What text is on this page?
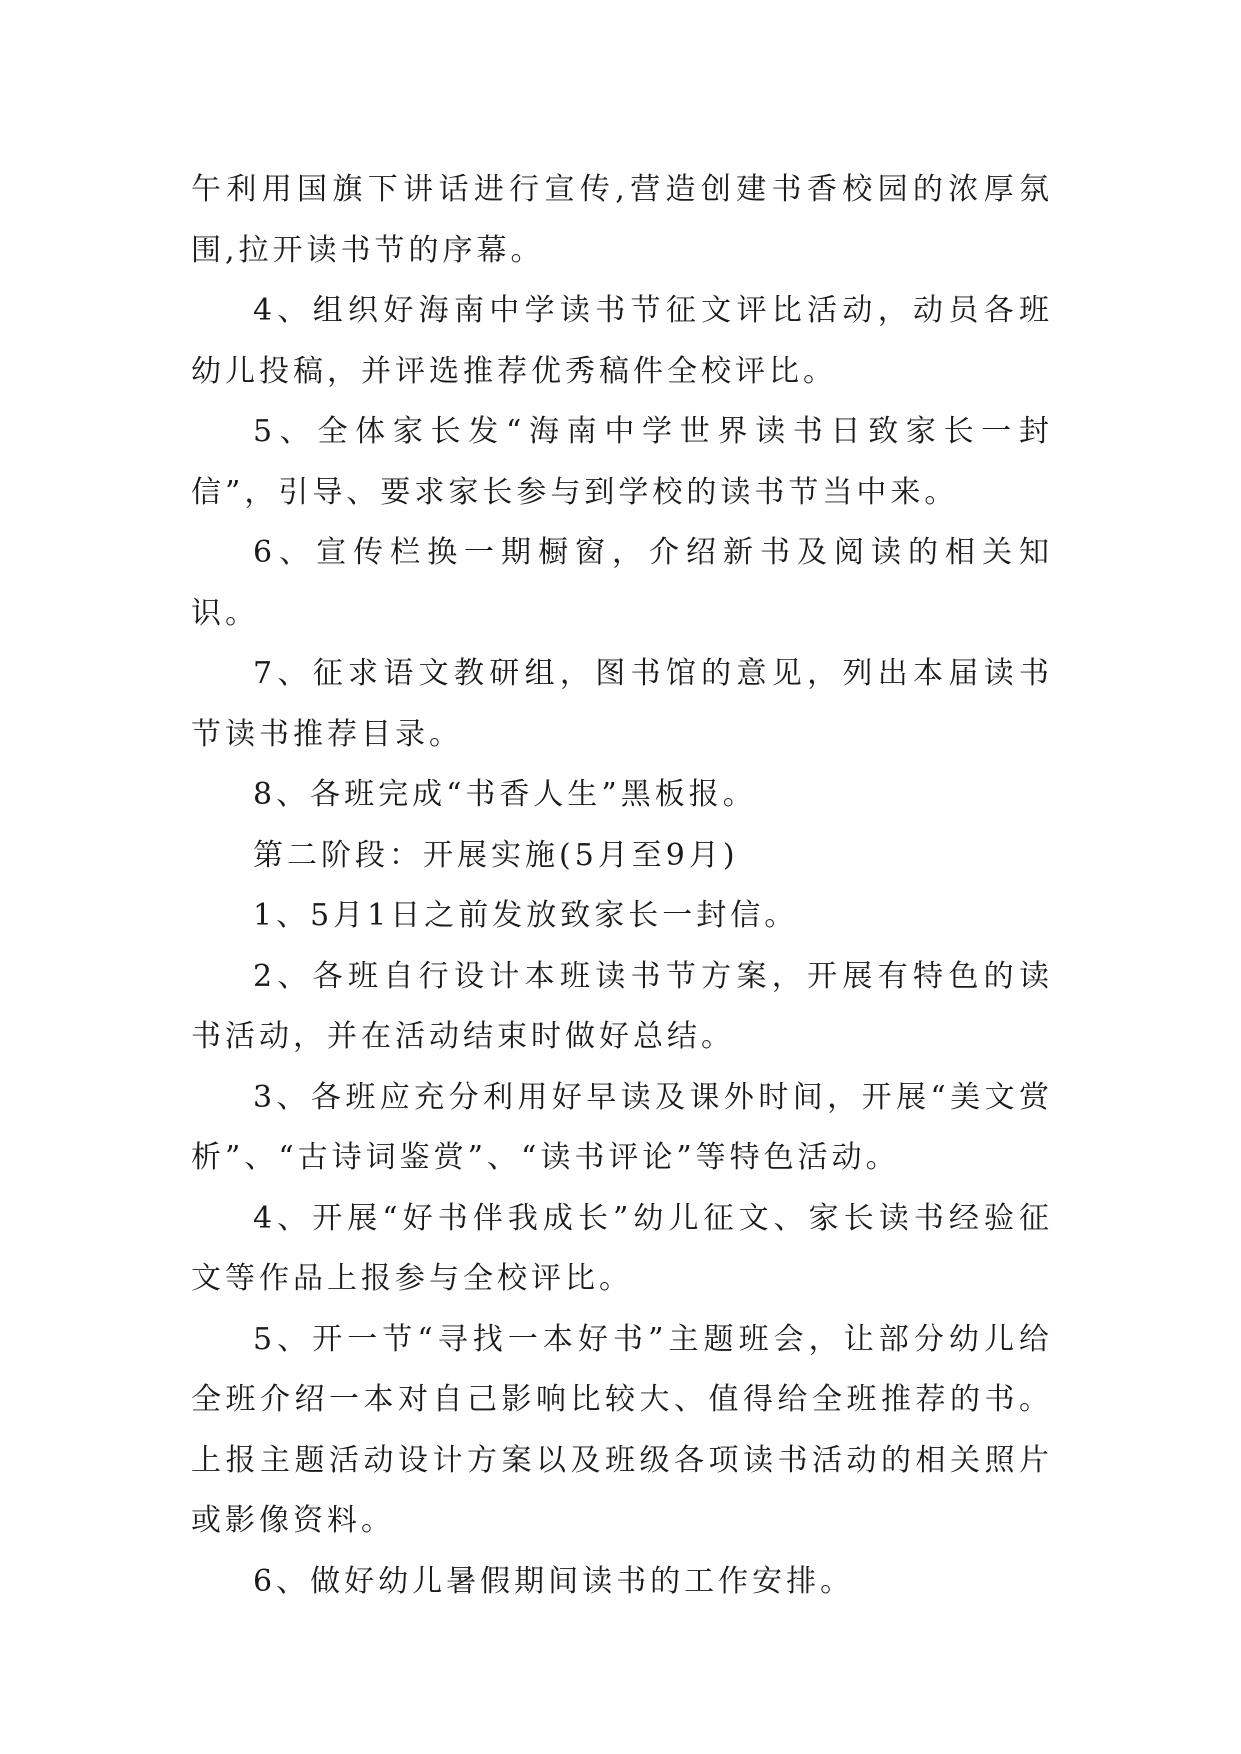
午利用国旗下讲话进行宣传,营造创建书香校园的浓厚氛围,拉开读书节的序幕。

4、组织好海南中学读书节征文评比活动，动员各班幼儿投稿，并评选推荐优秀稿件全校评比。

5、全体家长发“海南中学世界读书日致家长一封信”，引导、要求家长参与到学校的读书节当中来。

6、宣传栏换一期橱窗，介绍新书及阅读的相关知识。

7、征求语文教研组，图书馆的意见，列出本届读书节读书推荐目录。

8、各班完成“书香人生”黑板报。

第二阶段：开展实施(5月至9月)

1、5月1日之前发放致家长一封信。

2、各班自行设计本班读书节方案，开展有特色的读书活动，并在活动结束时做好总结。

3、各班应充分利用好早读及课外时间，开展“美文赏析”、“古诗词鉴赏”、“读书评论”等特色活动。

4、开展“好书伴我成长”幼儿征文、家长读书经验征文等作品上报参与全校评比。

5、开一节“寻找一本好书”主题班会，让部分幼儿给全班介绍一本对自己影响比较大、值得给全班推荐的书。上报主题活动设计方案以及班级各项读书活动的相关照片或影像资料。

6、做好幼儿暑假期间读书的工作安排。
